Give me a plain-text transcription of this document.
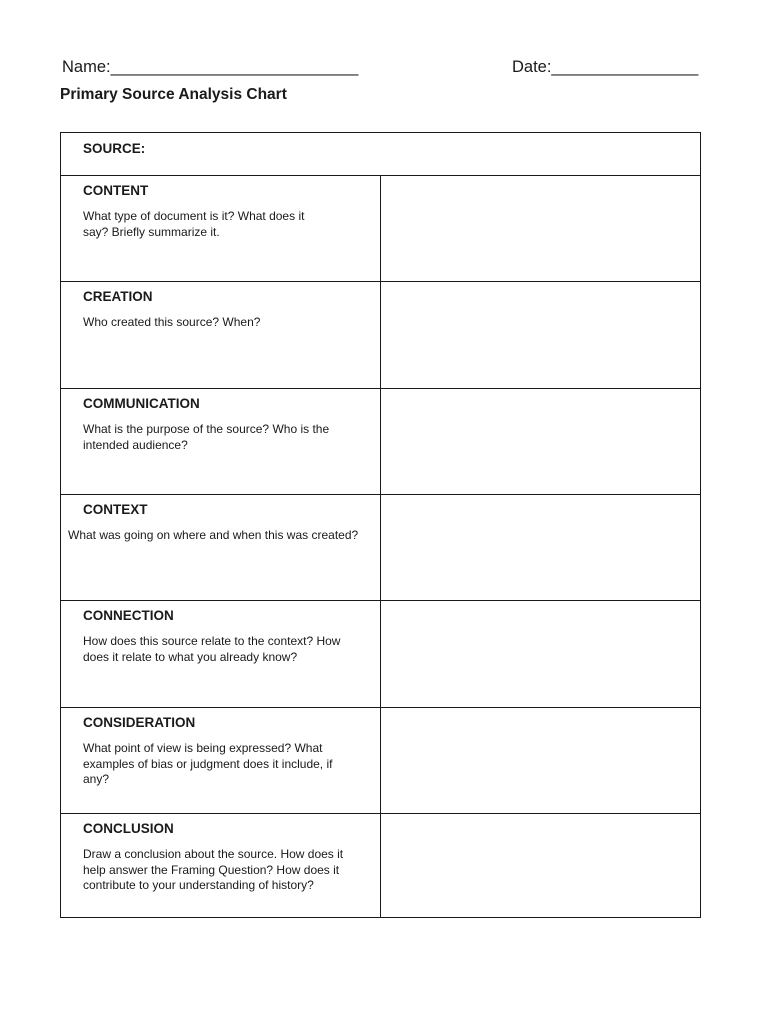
Name:___________________________	Date:________________
Primary Source Analysis Chart
SOURCE:
CONTENT
What type of document is it? What does it
say? Briefly summarize it.
CREATION
Who created this source? When?
COMMUNICATION
What is the purpose of the source? Who is the
intended audience?
CONTEXT
What was going on where and when this was created?
CONNECTION
How does this source relate to the context? How
does it relate to what you already know?
CONSIDERATION
What point of view is being expressed? What
examples of bias or judgment does it include, if
any?
CONCLUSION
Draw a conclusion about the source. How does it
help answer the Framing Question? How does it
contribute to your understanding of history?
